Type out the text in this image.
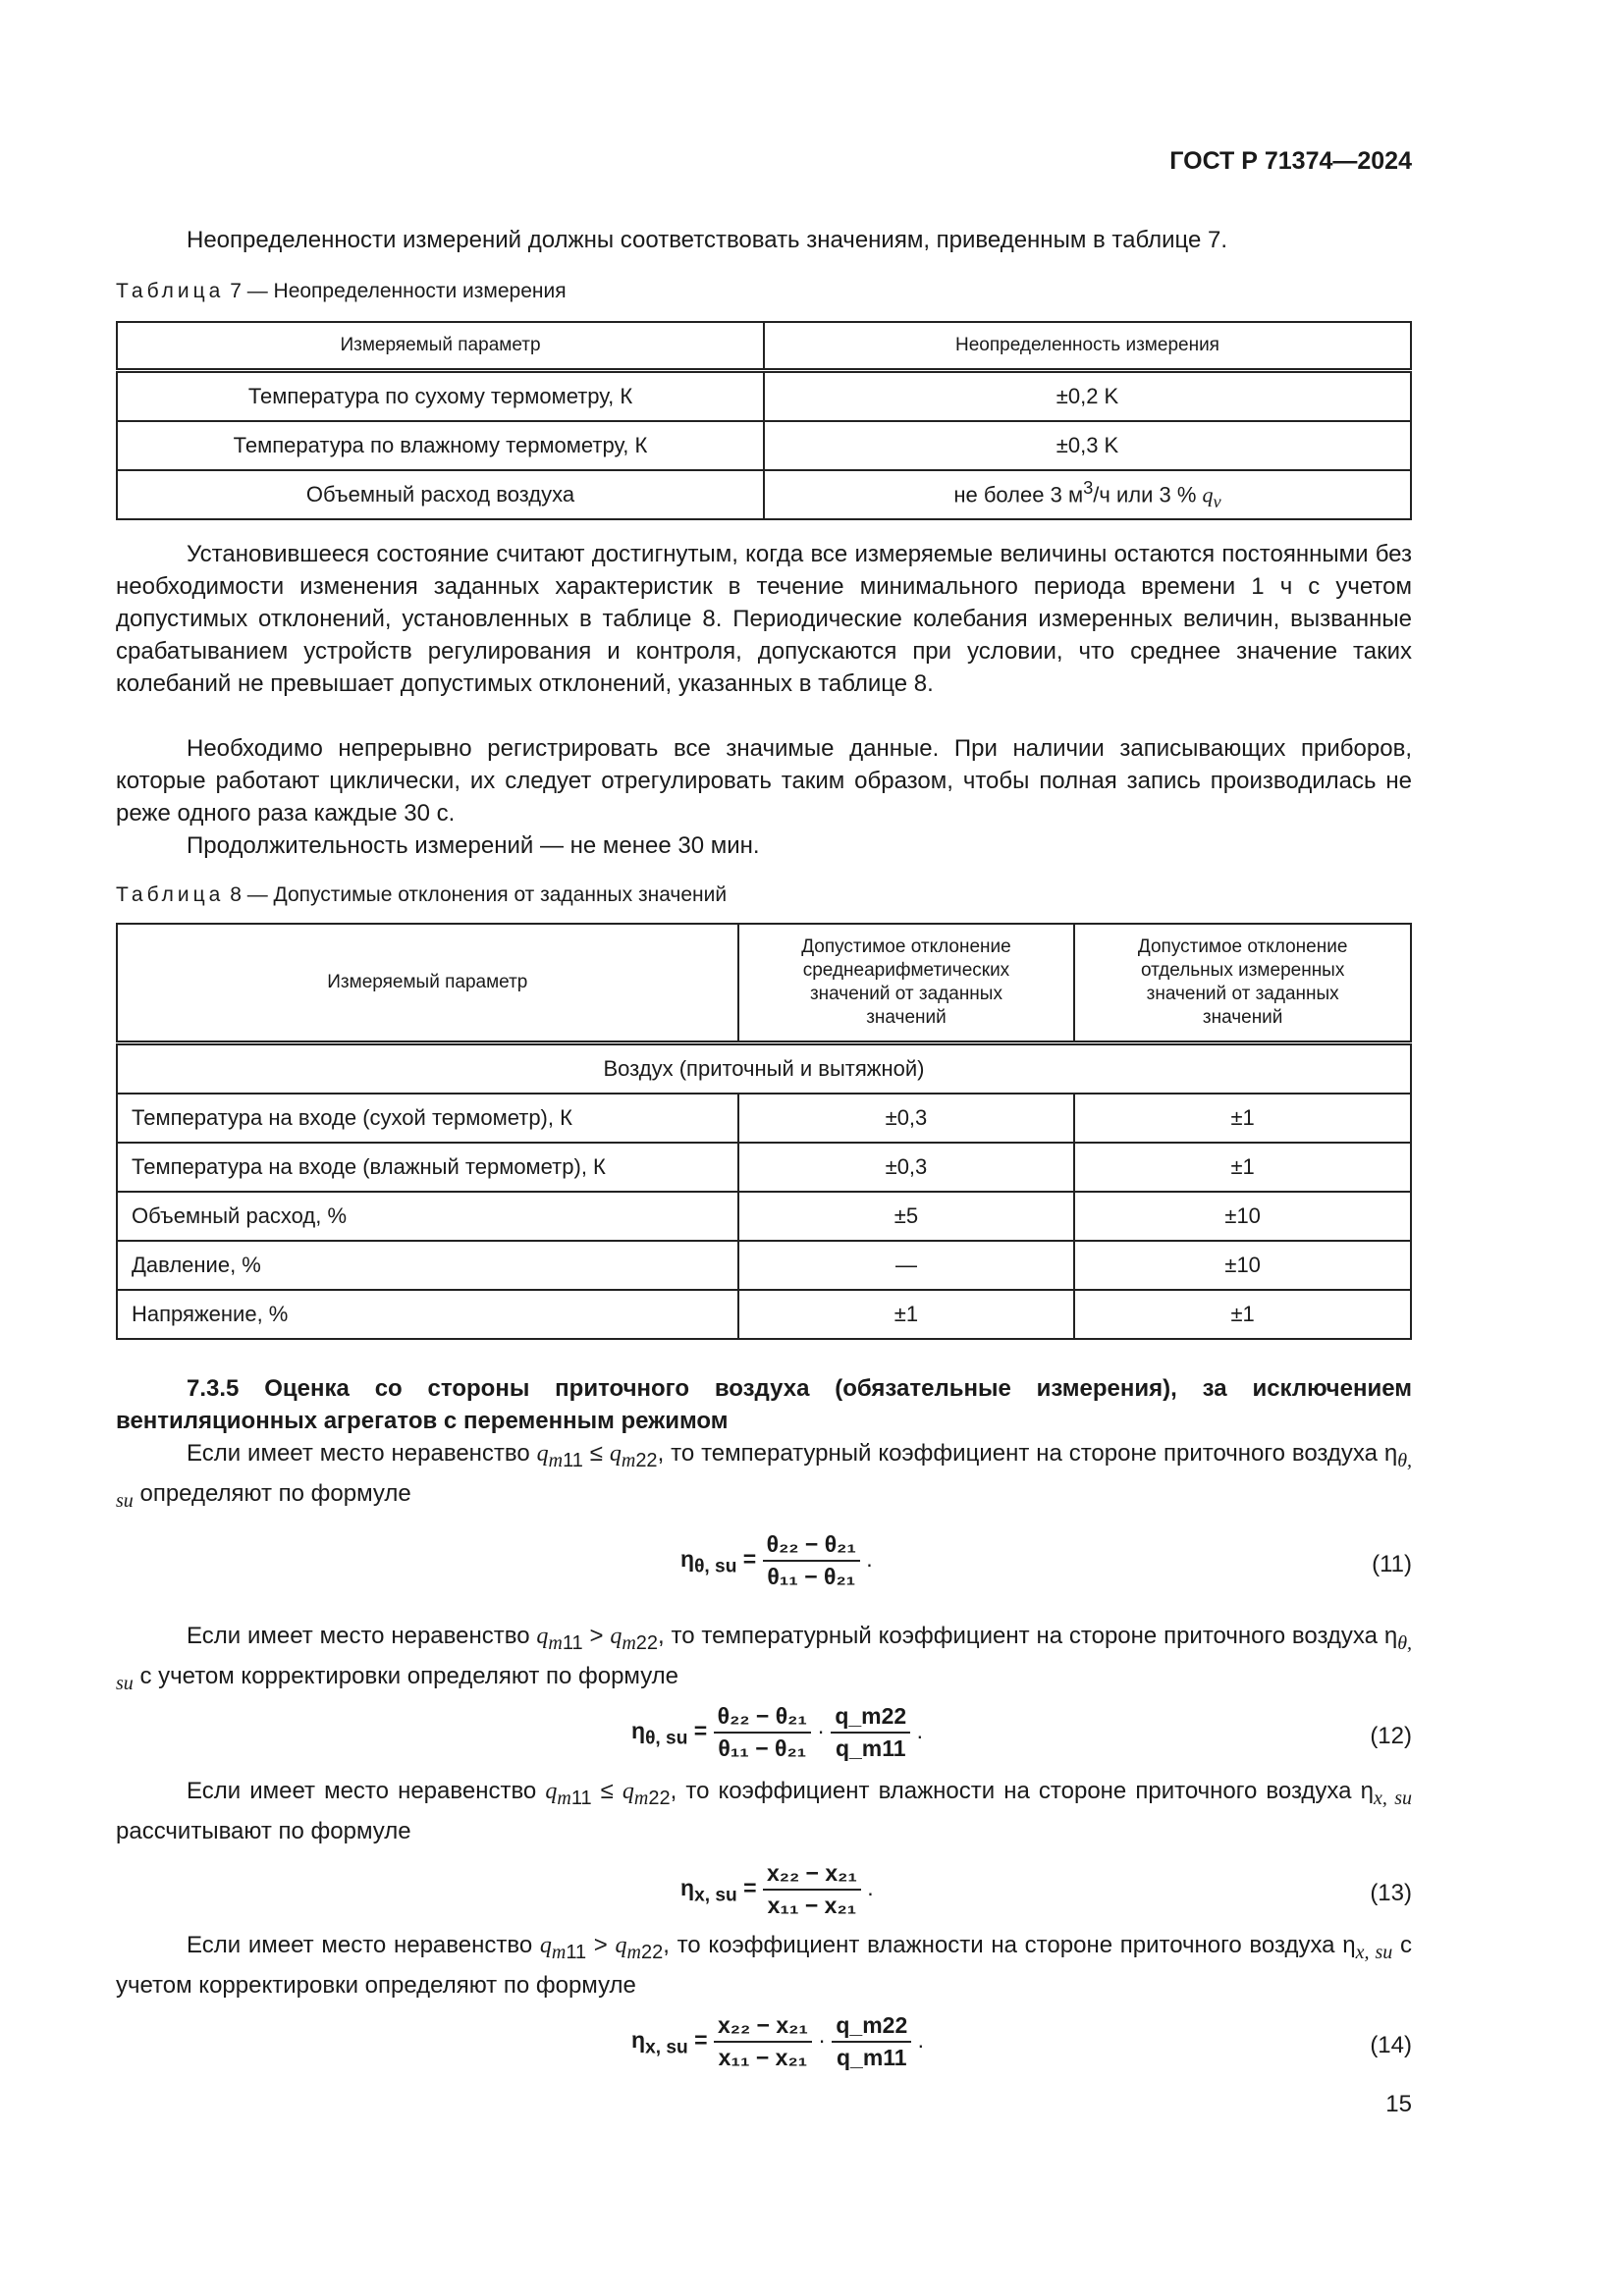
ГОСТ Р 71374—2024

Неопределенности измерений должны соответствовать значениям, приведенным в таблице 7.

Таблица 7 — Неопределенности измерения
Измеряемый параметр	Неопределенность измерения
Температура по сухому термометру, К	±0,2 K
Температура по влажному термометру, К	±0,3 K
Объемный расход воздуха	не более 3 $м^3/ч$ или 3 % $q_v$

Установившееся состояние считают достигнутым, когда все измеряемые величины остаются постоянными без необходимости изменения заданных характеристик в течение минимального периода времени 1 ч с учетом допустимых отклонений, установленных в таблице 8. Периодические колебания измеренных величин, вызванные срабатыванием устройств регулирования и контроля, допускаются при условии, что среднее значение таких колебаний не превышает допустимых отклонений, указанных в таблице 8.

Необходимо непрерывно регистрировать все значимые данные. При наличии записывающих приборов, которые работают циклически, их следует отрегулировать таким образом, чтобы полная запись производилась не реже одного раза каждые 30 с.

Продолжительность измерений — не менее 30 мин.

Таблица 8 — Допустимые отклонения от заданных значений
Измеряемый параметр	Допустимое отклонение среднеарифметических значений от заданных значений	Допустимое отклонение отдельных измеренных значений от заданных значений
Воздух (приточный и вытяжной)		
Температура на входе (сухой термометр), К	±0,3	±1
Температура на входе (влажный термометр), К	±0,3	±1
Объемный расход, %	±5	±10
Давление, %	—	±10
Напряжение, %	±1	±1

7.3.5 Оценка со стороны приточного воздуха (обязательные измерения), за исключением вентиляционных агрегатов с переменным режимом

Если имеет место неравенство $q_{m11} \le q_{m22}$, то температурный коэффициент на стороне приточного воздуха $\eta_{\theta, su}$ определяют по формуле

$\eta_{\theta, su} = \frac{\text{θ₂₂ − θ₂₁}}{\text{θ₁₁ − θ₂₁}}$ .	(11)

Если имеет место неравенство $q_{m11} > q_{m22}$, то температурный коэффициент на стороне приточного воздуха $\eta_{\theta, su}$ с учетом корректировки определяют по формуле

$\eta_{\theta, su} = \frac{\text{θ₂₂ − θ₂₁}}{\text{θ₁₁ − θ₂₁}} \cdot \frac{q\_m22}{q\_m11}$ .	(12)

Если имеет место неравенство $q_{m11} \le q_{m22}$, то коэффициент влажности на стороне приточного воздуха $\eta_{x, su}$ рассчитывают по формуле

$\eta_{x, su} = \frac{\text{x₂₂ − x₂₁}}{\text{x₁₁ − x₂₁}}$ .	(13)

Если имеет место неравенство $q_{m11} > q_{m22}$, то коэффициент влажности на стороне приточного воздуха $\eta_{x, su}$ с учетом корректировки определяют по формуле

$\eta_{x, su} = \frac{\text{x₂₂ − x₂₁}}{\text{x₁₁ − x₂₁}} \cdot \frac{q\_m22}{q\_m11}$ .	(14)
15
